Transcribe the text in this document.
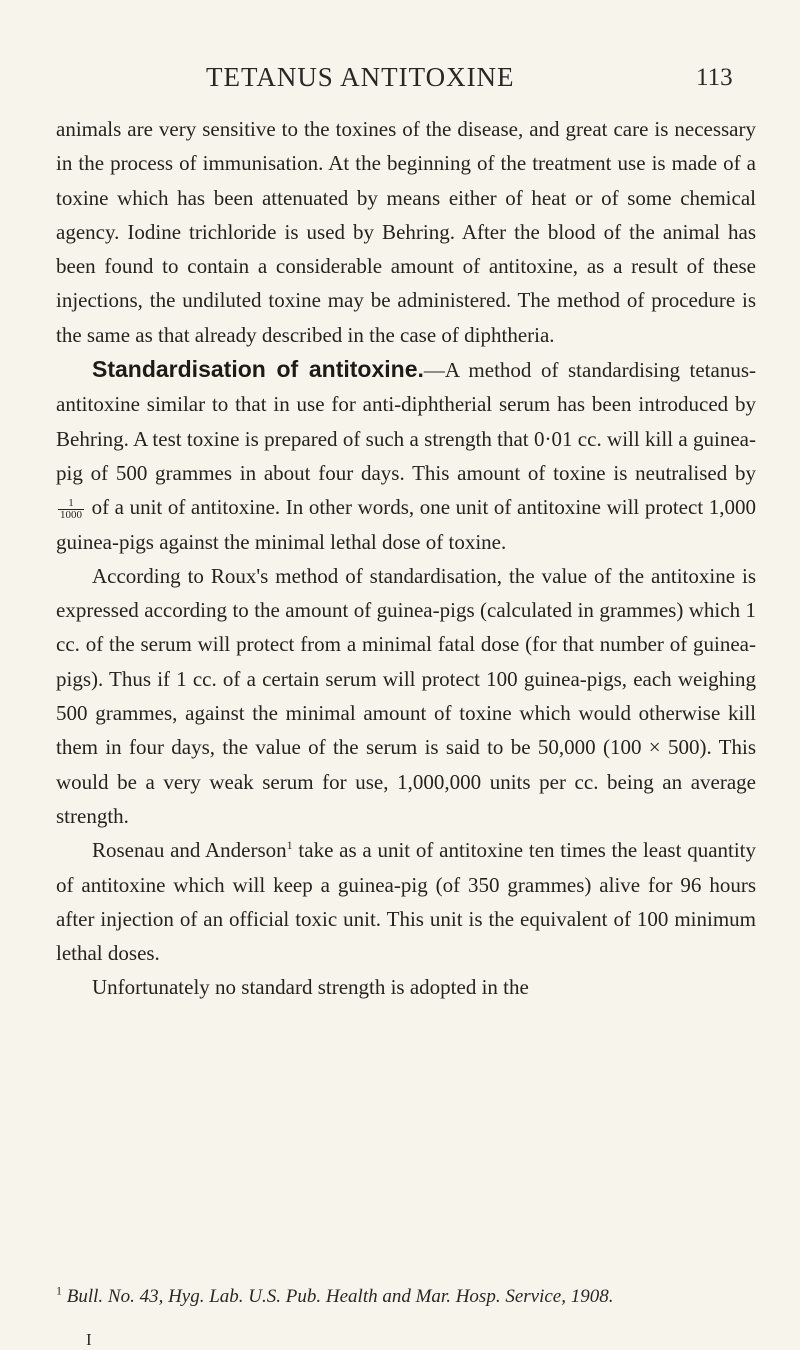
TETANUS ANTITOXINE	113

animals are very sensitive to the toxines of the disease, and great care is necessary in the process of immunisation. At the beginning of the treatment use is made of a toxine which has been attenuated by means either of heat or of some chemical agency. Iodine trichloride is used by Behring. After the blood of the animal has been found to contain a considerable amount of antitoxine, as a result of these injections, the undiluted toxine may be administered. The method of procedure is the same as that already described in the case of diphtheria.

Standardisation of antitoxine.—A method of standardising tetanus-antitoxine similar to that in use for anti-diphtherial serum has been introduced by Behring. A test toxine is prepared of such a strength that 0·01 cc. will kill a guinea-pig of 500 grammes in about four days. This amount of toxine is neutralised by
$\frac{1}{1000}$ of a unit of antitoxine. In other words, one unit of antitoxine will protect 1,000 guinea-pigs against the minimal lethal dose of toxine.

According to Roux's method of standardisation, the value of the antitoxine is expressed according to the amount of guinea-pigs (calculated in grammes) which 1 cc. of the serum will protect from a minimal fatal dose (for that number of guinea-pigs). Thus if 1 cc. of a certain serum will protect 100 guinea-pigs, each weighing 500 grammes, against the minimal amount of toxine which would otherwise kill them in four days, the value of the serum is said to be 50,000 (100 × 500). This would be a very weak serum for use, 1,000,000 units per cc. being an average strength.

Rosenau and Anderson$^1$ take as a unit of antitoxine ten times the least quantity of antitoxine which will keep a guinea-pig (of 350 grammes) alive for 96 hours after injection of an official toxic unit. This unit is the equivalent of 100 minimum lethal doses.

Unfortunately no standard strength is adopted in the

$^1$ Bull. No. 43, Hyg. Lab. U.S. Pub. Health and Mar. Hosp. Service, 1908.

I
